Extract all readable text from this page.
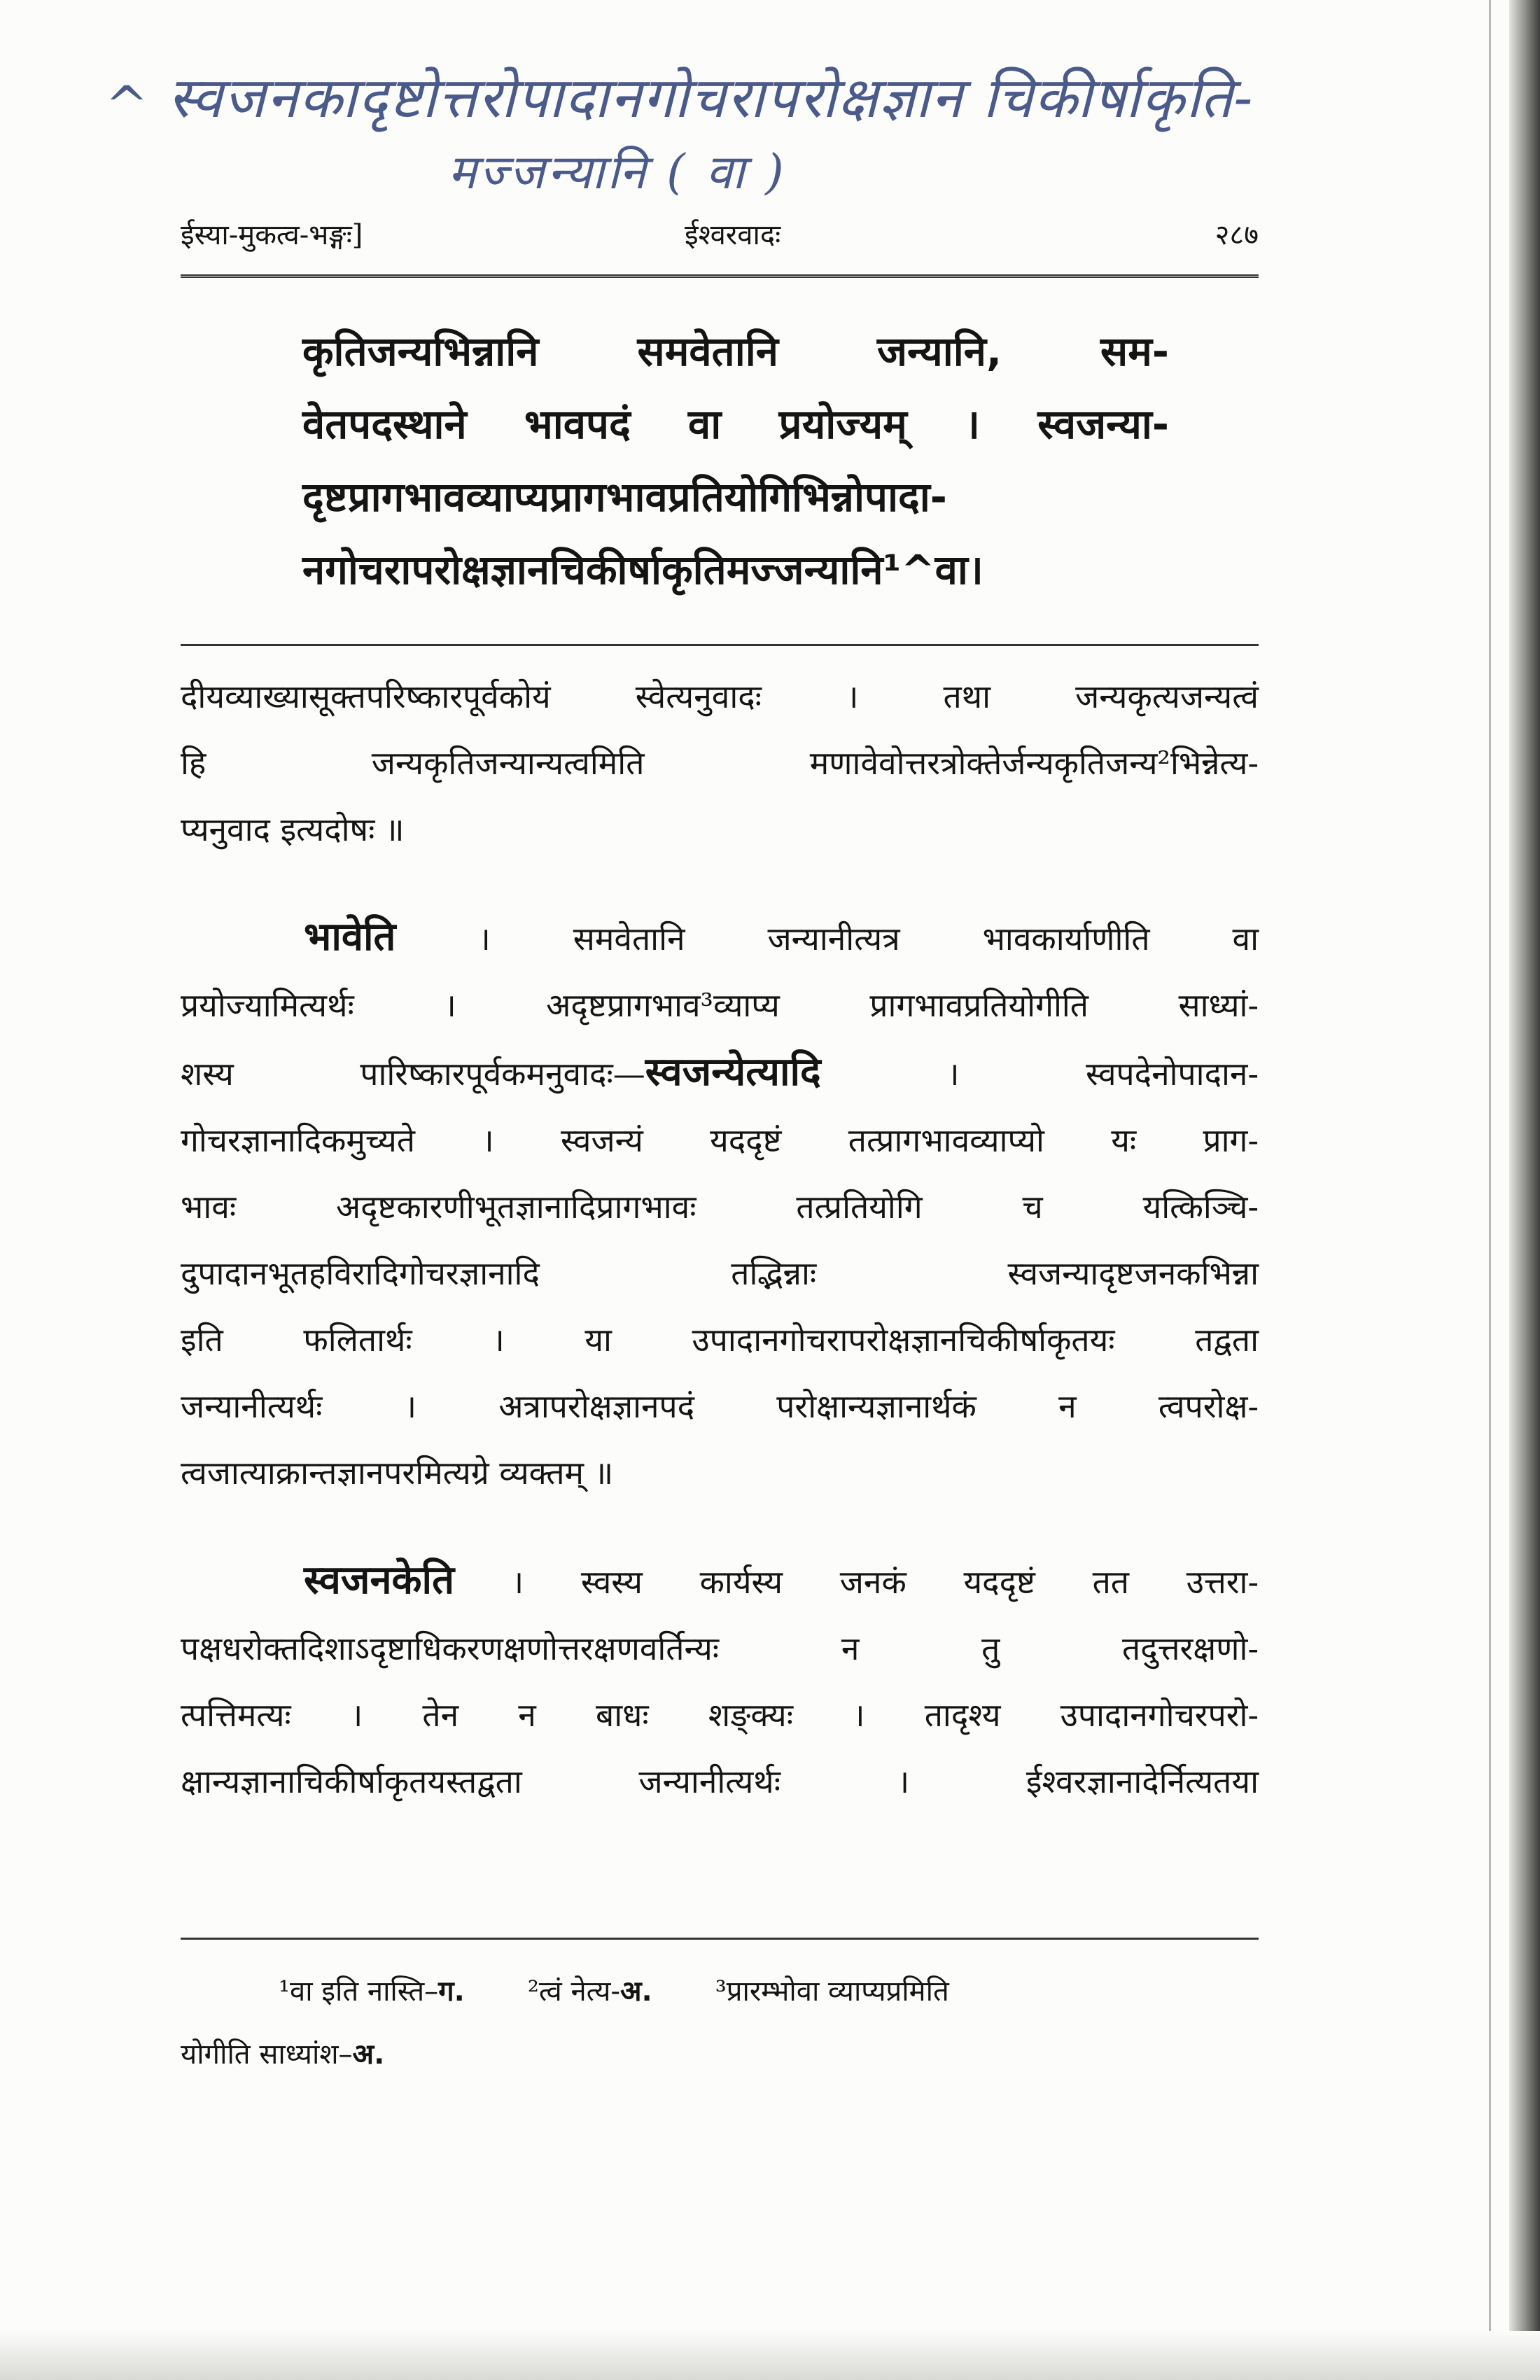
^ स्वजनकादृष्टोत्तरोपादानगोचरापरोक्षज्ञान चिकीर्षाकृति-
मज्जन्यानि ( वा )
ईस्या-मुकत्व-भङ्गः]	ईश्वरवादः	२८७
कृतिजन्यभिन्नानि समवेतानि जन्यानि, सम-
वेतपदस्थाने भावपदं वा प्रयोज्यम् । स्वजन्या-
दृष्टप्रागभावव्याप्यप्रागभावप्रतियोगिभिन्नोपादा-
नगोचरापरोक्षज्ञानचिकीर्षाकृतिमज्जन्यानि¹^वा।
दीयव्याख्यासूक्तपरिष्कारपूर्वकोयं स्वेत्यनुवादः । तथा जन्यकृत्यजन्यत्वं
हि जन्यकृतिजन्यान्यत्वमिति मणावेवोत्तरत्रोक्तेर्जन्यकृतिजन्य²भिन्नेत्य-
प्यनुवाद इत्यदोषः ॥
भावेति । समवेतानि जन्यानीत्यत्र भावकार्याणीति वा
प्रयोज्यामित्यर्थः । अदृष्टप्रागभाव³व्याप्य प्रागभावप्रतियोगीति साध्यां-
शस्य पारिष्कारपूर्वकमनुवादः—स्वजन्येत्यादि । स्वपदेनोपादान-
गोचरज्ञानादिकमुच्यते । स्वजन्यं यददृष्टं तत्प्रागभावव्याप्यो यः प्राग-
भावः अदृष्टकारणीभूतज्ञानादिप्रागभावः तत्प्रतियोगि च यत्किञ्चि-
दुपादानभूतहविरादिगोचरज्ञानादि तद्भिन्नाः स्वजन्यादृष्टजनकभिन्ना
इति फलितार्थः । या उपादानगोचरापरोक्षज्ञानचिकीर्षाकृतयः तद्वता
जन्यानीत्यर्थः । अत्रापरोक्षज्ञानपदं परोक्षान्यज्ञानार्थकं न त्वपरोक्ष-
त्वजात्याक्रान्तज्ञानपरमित्यग्रे व्यक्तम् ॥
स्वजनकेति । स्वस्य कार्यस्य जनकं यददृष्टं तत उत्तरा-
पक्षधरोक्तदिशाऽदृष्टाधिकरणक्षणोत्तरक्षणवर्तिन्यः न तु तदुत्तरक्षणो-
त्पत्तिमत्यः । तेन न बाधः शङ्क्यः । तादृश्य उपादानगोचरपरो-
क्षान्यज्ञानाचिकीर्षाकृतयस्तद्वता जन्यानीत्यर्थः । ईश्वरज्ञानादेर्नित्यतया
¹वा इति नास्ति–ग. ²त्वं नेत्य-अ. ³प्रारम्भोवा व्याप्यप्रमिति
योगीति साध्यांश–अ.
